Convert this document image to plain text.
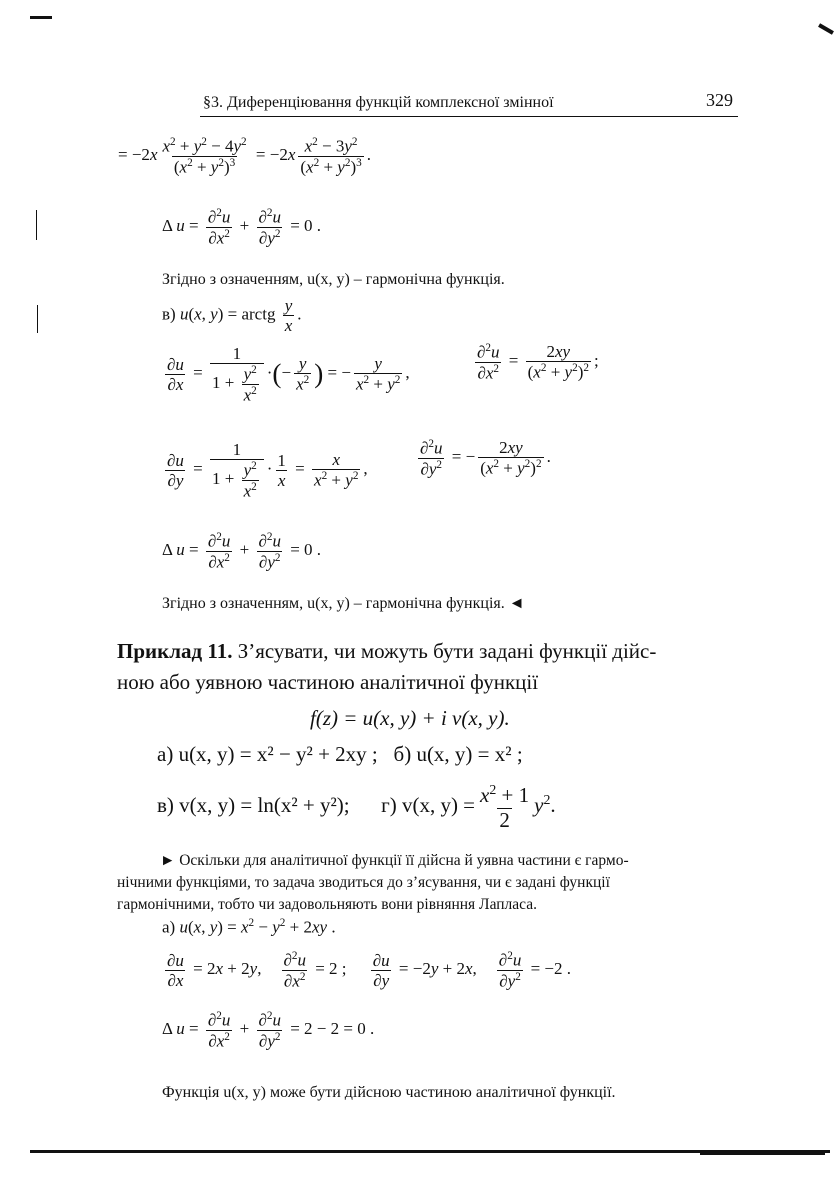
§3. Диференціювання функцій комплексної змінної	329
= $-2x \frac{x^2 + y^2 - 4y^2}{(x^2 + y^2)^3} = -2x \frac{x^2 - 3y^2}{(x^2 + y^2)^3}$ .
Δ $u = \frac{\partial^2u}{\partial x^2} + \frac{\partial^2u}{\partial y^2} = 0$ .
Згідно з означенням, u(x, y) – гармонічна функція.
в) u(x, y) = arctg $\frac{y}{x}$ .
$\frac{\partial u}{\partial x} = \frac{1}{1 + \frac{y^2}{x^2}}$ ·(− $\frac{y}{x^2}$ ) = − $\frac{y}{x^2 + y^2}$ ,	$\frac{\partial^2u}{\partial x^2} = \frac{2xy}{(x^2 + y^2)^2}$ ;
$\frac{\partial u}{\partial y} = \frac{1}{1 + \frac{y^2}{x^2}} \cdot \frac{1}{x} = \frac{x}{x^2 + y^2}$ ,	$\frac{\partial^2u}{\partial y^2}$ = − $\frac{2xy}{(x^2 + y^2)^2}$ .
Δ $u = \frac{\partial^2u}{\partial x^2} + \frac{\partial^2u}{\partial y^2} = 0$ .
Згідно з означенням, u(x, y) – гармонічна функція. ◄
Приклад 11. З’ясувати, чи можуть бути задані функції дійс-
ною або уявною частиною аналітичної функції
f(z) = u(x, y) + i v(x, y).
а) u(x, y) = x² − y² + 2xy ; б) u(x, y) = x² ;
в) v(x, y) = ln(x² + y²); г) v(x, $y) = \frac{x^2 + 1}{2} y^2$.
► Оскільки для аналітичної функції її дійсна й уявна частини є гармо-
нічними функціями, то задача зводиться до з’ясування, чи є задані функції
гармонічними, тобто чи задовольняють вони рівняння Лапласа.
а) u(x, $y) = x^2 - y^2 + 2xy$ .
$\frac{\partial u}{\partial x} = 2x + 2y$, $\frac{\partial^2u}{\partial x^2} = 2$ ; $\frac{\partial u}{\partial y} = -2y + 2x$, $\frac{\partial^2u}{\partial y^2} = -2$ .
Δ $u = \frac{\partial^2u}{\partial x^2} + \frac{\partial^2u}{\partial y^2} = 2 - 2 = 0$ .
Функція u(x, y) може бути дійсною частиною аналітичної функції.
